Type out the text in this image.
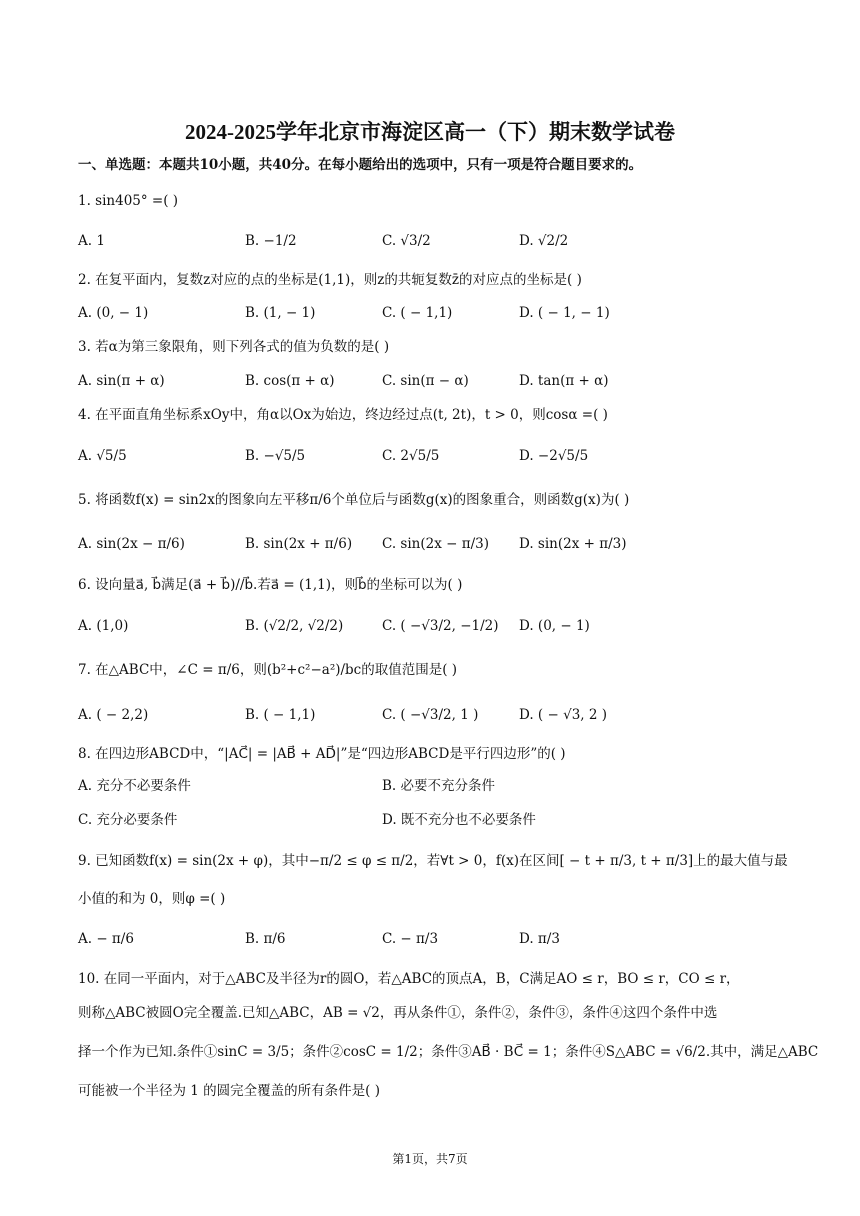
2024-2025学年北京市海淀区高一（下）期末数学试卷
一、单选题：本题共10小题，共40分。在每小题给出的选项中，只有一项是符合题目要求的。
1. sin405° =( )
A. 1	B. −1/2	C. √3/2	D. √2/2
2. 在复平面内，复数z对应的点的坐标是(1,1)，则z的共轭复数z̄的对应点的坐标是( )
A. (0, − 1)	B. (1, − 1)	C. ( − 1,1)	D. ( − 1, − 1)
3. 若α为第三象限角，则下列各式的值为负数的是( )
A. sin(π + α)	B. cos(π + α)	C. sin(π − α)	D. tan(π + α)
4. 在平面直角坐标系xOy中，角α以Ox为始边，终边经过点(t, 2t)，t > 0，则cosα =( )
A. √5/5	B. −√5/5	C. 2√5/5	D. −2√5/5
5. 将函数f(x) = sin2x的图象向左平移π/6个单位后与函数g(x)的图象重合，则函数g(x)为( )
A. sin(2x − π/6)	B. sin(2x + π/6) C. sin(2x − π/3) D. sin(2x + π/3)
6. 设向量a⃗, b⃗满足(a⃗ + b⃗)//b⃗.若a⃗ = (1,1)，则b⃗的坐标可以为( )
A. (1,0)	B. (√2/2, √2/2)	C. ( −√3/2, −1/2) D. (0, − 1)
7. 在△ABC中，∠C = π/6，则(b²+c²−a²)/bc的取值范围是( )
A. ( − 2,2)	B. ( − 1,1)	C. ( −√3/2, 1 )	D. ( − √3, 2 )
8. 在四边形ABCD中，“|AC⃗| = |AB⃗ + AD⃗|”是“四边形ABCD是平行四边形”的( )
A. 充分不必要条件	B. 必要不充分条件
C. 充分必要条件	D. 既不充分也不必要条件
9. 已知函数f(x) = sin(2x + φ)，其中−π/2 ≤ φ ≤ π/2，若∀t > 0，f(x)在区间[ − t + π/3, t + π/3]上的最大值与最
小值的和为 0，则φ =( )
A. − π/6	B. π/6	C. − π/3	D. π/3
10. 在同一平面内，对于△ABC及半径为r的圆O，若△ABC的顶点A，B，C满足AO ≤ r，BO ≤ r，CO ≤ r，
则称△ABC被圆O完全覆盖.已知△ABC，AB = √2，再从条件①，条件②，条件③，条件④这四个条件中选
择一个作为已知.条件①sinC = 3/5；条件②cosC = 1/2；条件③AB⃗ · BC⃗ = 1；条件④S△ABC = √6/2.其中，满足△ABC
可能被一个半径为 1 的圆完全覆盖的所有条件是( )
第1页，共7页
